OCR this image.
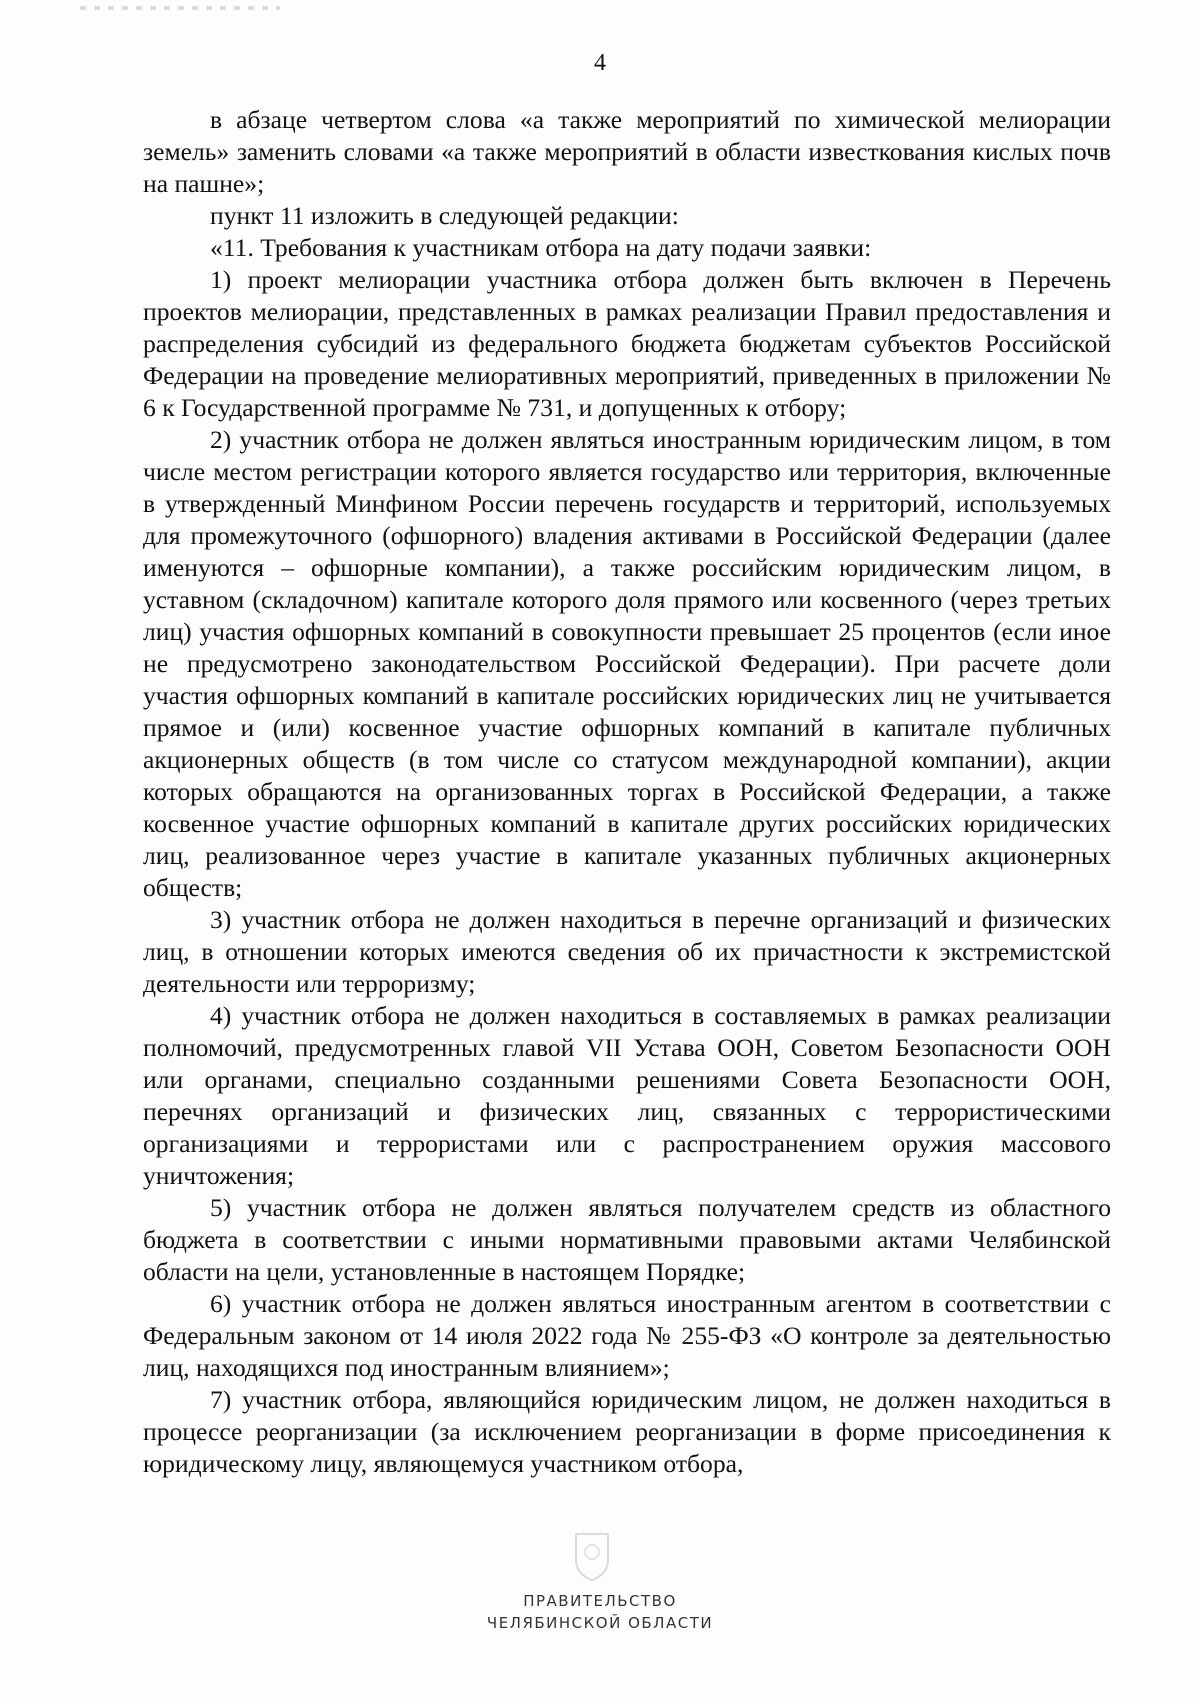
4

в абзаце четвертом слова «а также мероприятий по химической мелиорации земель» заменить словами «а также мероприятий в области известкования кислых почв на пашне»;

пункт 11 изложить в следующей редакции:

«11. Требования к участникам отбора на дату подачи заявки:

1) проект мелиорации участника отбора должен быть включен в Перечень проектов мелиорации, представленных в рамках реализации Правил предоставления и распределения субсидий из федерального бюджета бюджетам субъектов Российской Федерации на проведение мелиоративных мероприятий, приведенных в приложении № 6 к Государственной программе № 731, и допущенных к отбору;

2) участник отбора не должен являться иностранным юридическим лицом, в том числе местом регистрации которого является государство или территория, включенные в утвержденный Минфином России перечень государств и территорий, используемых для промежуточного (офшорного) владения активами в Российской Федерации (далее именуются – офшорные компании), а также российским юридическим лицом, в уставном (складочном) капитале которого доля прямого или косвенного (через третьих лиц) участия офшорных компаний в совокупности превышает 25 процентов (если иное не предусмотрено законодательством Российской Федерации). При расчете доли участия офшорных компаний в капитале российских юридических лиц не учитывается прямое и (или) косвенное участие офшорных компаний в капитале публичных акционерных обществ (в том числе со статусом международной компании), акции которых обращаются на организованных торгах в Российской Федерации, а также косвенное участие офшорных компаний в капитале других российских юридических лиц, реализованное через участие в капитале указанных публичных акционерных обществ;

3) участник отбора не должен находиться в перечне организаций и физических лиц, в отношении которых имеются сведения об их причастности к экстремистской деятельности или терроризму;

4) участник отбора не должен находиться в составляемых в рамках реализации полномочий, предусмотренных главой VII Устава ООН, Советом Безопасности ООН или органами, специально созданными решениями Совета Безопасности ООН, перечнях организаций и физических лиц, связанных с террористическими организациями и террористами или с распространением оружия массового уничтожения;

5) участник отбора не должен являться получателем средств из областного бюджета в соответствии с иными нормативными правовыми актами Челябинской области на цели, установленные в настоящем Порядке;

6) участник отбора не должен являться иностранным агентом в соответствии с Федеральным законом от 14 июля 2022 года № 255-ФЗ «О контроле за деятельностью лиц, находящихся под иностранным влиянием»;

7) участник отбора, являющийся юридическим лицом, не должен находиться в процессе реорганизации (за исключением реорганизации в форме присоединения к юридическому лицу, являющемуся участником отбора,

ПРАВИТЕЛЬСТВО
ЧЕЛЯБИНСКОЙ ОБЛАСТИ
